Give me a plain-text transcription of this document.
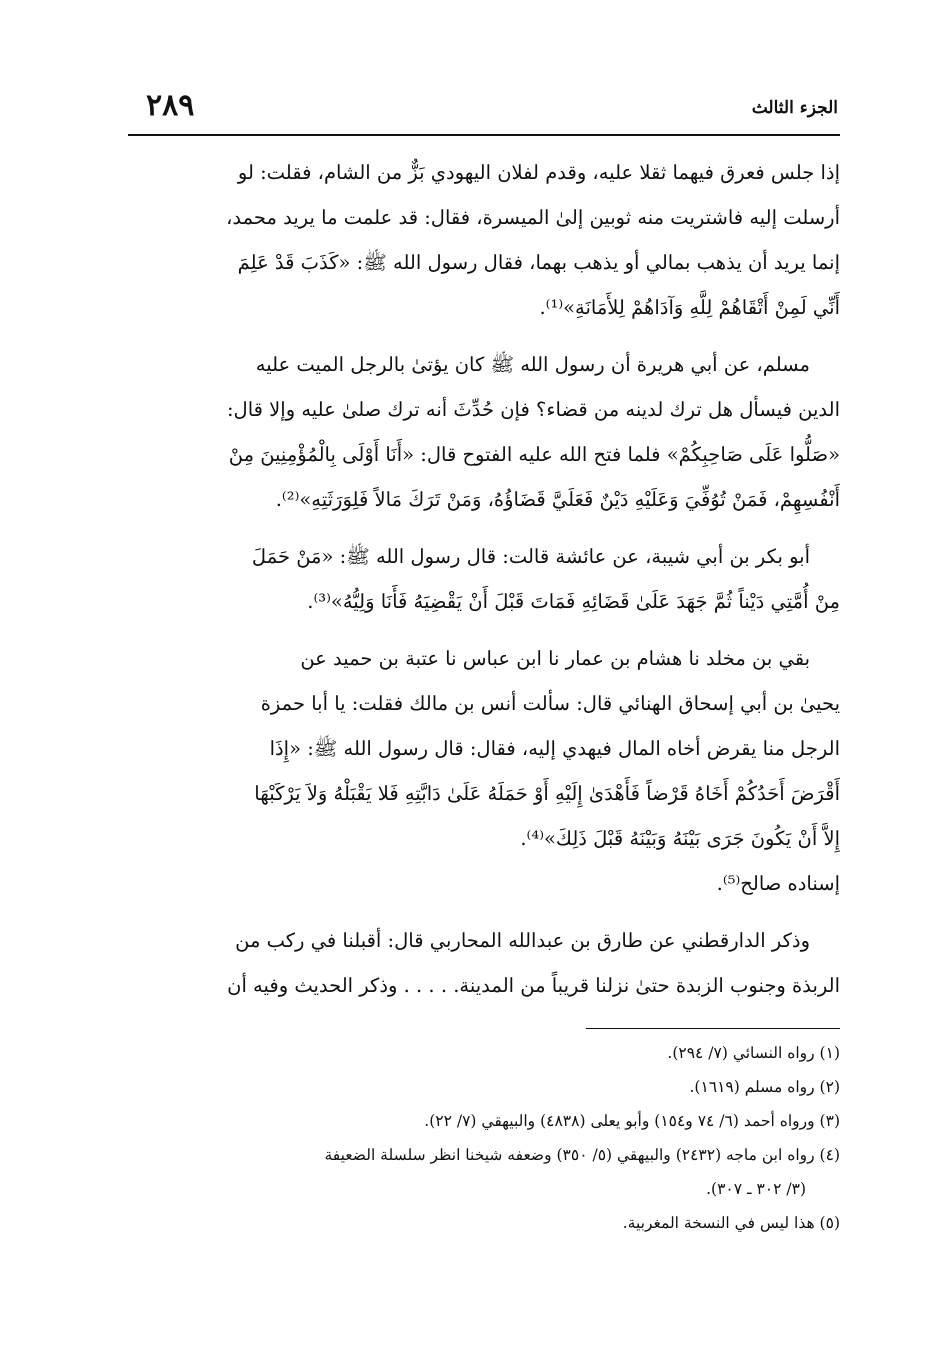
الجزء الثالث
٢٨٩
إذا جلس فعرق فيهما ثقلا عليه، وقدم لفلان اليهودي بَزٌّ من الشام، فقلت: لو
أرسلت إليه فاشتريت منه ثوبين إلىٰ الميسرة، فقال: قد علمت ما يريد محمد،
إنما يريد أن يذهب بمالي أو يذهب بهما، فقال رسول الله ﷺ: «كَذَبَ قَدْ عَلِمَ
أَنِّي لَمِنْ أَتْقَاهُمْ لِلَّهِ وَآدَاهُمْ لِلأَمَانَةِ»⁽¹⁾.
مسلم، عن أبي هريرة أن رسول الله ﷺ كان يؤتىٰ بالرجل الميت عليه
الدين فيسأل هل ترك لدينه من قضاء؟ فإن حُدِّثَ أنه ترك صلىٰ عليه وإلا قال:
«صَلُّوا عَلَى صَاحِبِكُمْ» فلما فتح الله عليه الفتوح قال: «أَنَا أَوْلَى بِالْمُؤْمِنِينَ مِنْ
أَنْفُسِهِمْ، فَمَنْ تُوُفِّيَ وَعَلَيْهِ دَيْنٌ فَعَلَيَّ قَضَاؤُهُ، وَمَنْ تَرَكَ مَالاً فَلِوَرَثَتِهِ»⁽²⁾.
أبو بكر بن أبي شيبة، عن عائشة قالت: قال رسول الله ﷺ: «مَنْ حَمَلَ
مِنْ أُمَّتِي دَيْناً ثُمَّ جَهَدَ عَلَىٰ قَضَائِهِ فَمَاتَ قَبْلَ أَنْ يَقْضِيَهُ فَأَنَا وَلِيُّهُ»⁽³⁾.
بقي بن مخلد نا هشام بن عمار نا ابن عباس نا عتبة بن حميد عن
يحيىٰ بن أبي إسحاق الهنائي قال: سألت أنس بن مالك فقلت: يا أبا حمزة
الرجل منا يقرض أخاه المال فيهدي إليه، فقال: قال رسول الله ﷺ: «إِذَا
أَقْرَضَ أَحَدُكُمْ أَخَاهُ قَرْضاً فَأَهْدَىٰ إِلَيْهِ أَوْ حَمَلَهُ عَلَىٰ دَابَّتِهِ فَلا يَقْبَلْهُ وَلاَ يَرْكَبْهَا
إِلاَّ أَنْ يَكُونَ جَرَى بَيْنَهُ وَبَيْنَهُ قَبْلَ ذَلِكَ»⁽⁴⁾.
إسناده صالح⁽⁵⁾.
وذكر الدارقطني عن طارق بن عبدالله المحاربي قال: أقبلنا في ركب من
الربذة وجنوب الزبدة حتىٰ نزلنا قريباً من المدينة. . . . . وذكر الحديث وفيه أن
(١) رواه النسائي (٧/ ٢٩٤).
(٢) رواه مسلم (١٦١٩).
(٣) ورواه أحمد (٦/ ٧٤ و١٥٤) وأبو يعلى (٤٨٣٨) والبيهقي (٧/ ٢٢).
(٤) رواه ابن ماجه (٢٤٣٢) والبيهقي (٥/ ٣٥٠) وضعفه شيخنا انظر سلسلة الضعيفة
(٣/ ٣٠٢ ـ ٣٠٧).
(٥) هذا ليس في النسخة المغربية.
